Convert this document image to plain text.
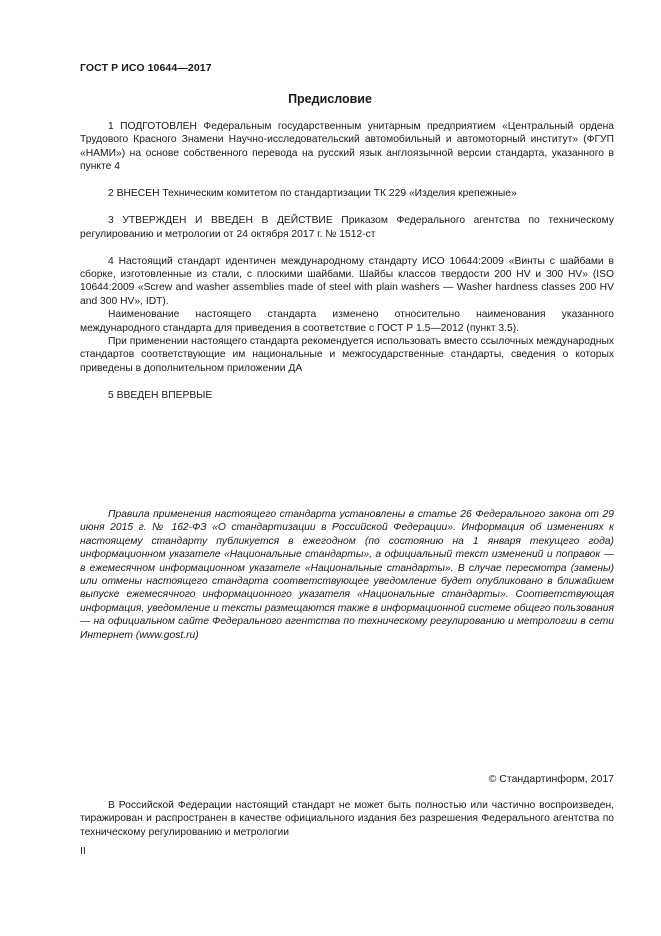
ГОСТ Р ИСО 10644—2017
Предисловие

1 ПОДГОТОВЛЕН Федеральным государственным унитарным предприятием «Центральный ордена Трудового Красного Знамени Научно-исследовательский автомобильный и автомоторный институт» (ФГУП «НАМИ») на основе собственного перевода на русский язык англоязычной версии стандарта, указанного в пункте 4

2 ВНЕСЕН Техническим комитетом по стандартизации ТК 229 «Изделия крепежные»

3 УТВЕРЖДЕН И ВВЕДЕН В ДЕЙСТВИЕ Приказом Федерального агентства по техническому регулированию и метрологии от 24 октября 2017 г. № 1512-ст

4 Настоящий стандарт идентичен международному стандарту ИСО 10644:2009 «Винты с шайбами в сборке, изготовленные из стали, с плоскими шайбами. Шайбы классов твердости 200 HV и 300 HV» (ISO 10644:2009 «Screw and washer assemblies made of steel with plain washers — Washer hardness classes 200 HV and 300 HV», IDT).

Наименование настоящего стандарта изменено относительно наименования указанного международного стандарта для приведения в соответствие с ГОСТ Р 1.5—2012 (пункт 3.5).

При применении настоящего стандарта рекомендуется использовать вместо ссылочных международных стандартов соответствующие им национальные и межгосударственные стандарты, сведения о которых приведены в дополнительном приложении ДА

5 ВВЕДЕН ВПЕРВЫЕ

Правила применения настоящего стандарта установлены в статье 26 Федерального закона от 29 июня 2015 г. № 162-ФЗ «О стандартизации в Российской Федерации». Информация об изменениях к настоящему стандарту публикуется в ежегодном (по состоянию на 1 января текущего года) информационном указателе «Национальные стандарты», а официальный текст изменений и поправок — в ежемесячном информационном указателе «Национальные стандарты». В случае пересмотра (замены) или отмены настоящего стандарта соответствующее уведомление будет опубликовано в ближайшем выпуске ежемесячного информационного указателя «Национальные стандарты». Соответствующая информация, уведомление и тексты размещаются также в информационной системе общего пользования — на официальном сайте Федерального агентства по техническому регулированию и метрологии в сети Интернет (www.gost.ru)

© Стандартинформ, 2017

В Российской Федерации настоящий стандарт не может быть полностью или частично воспроизведен, тиражирован и распространен в качестве официального издания без разрешения Федерального агентства по техническому регулированию и метрологии

II
